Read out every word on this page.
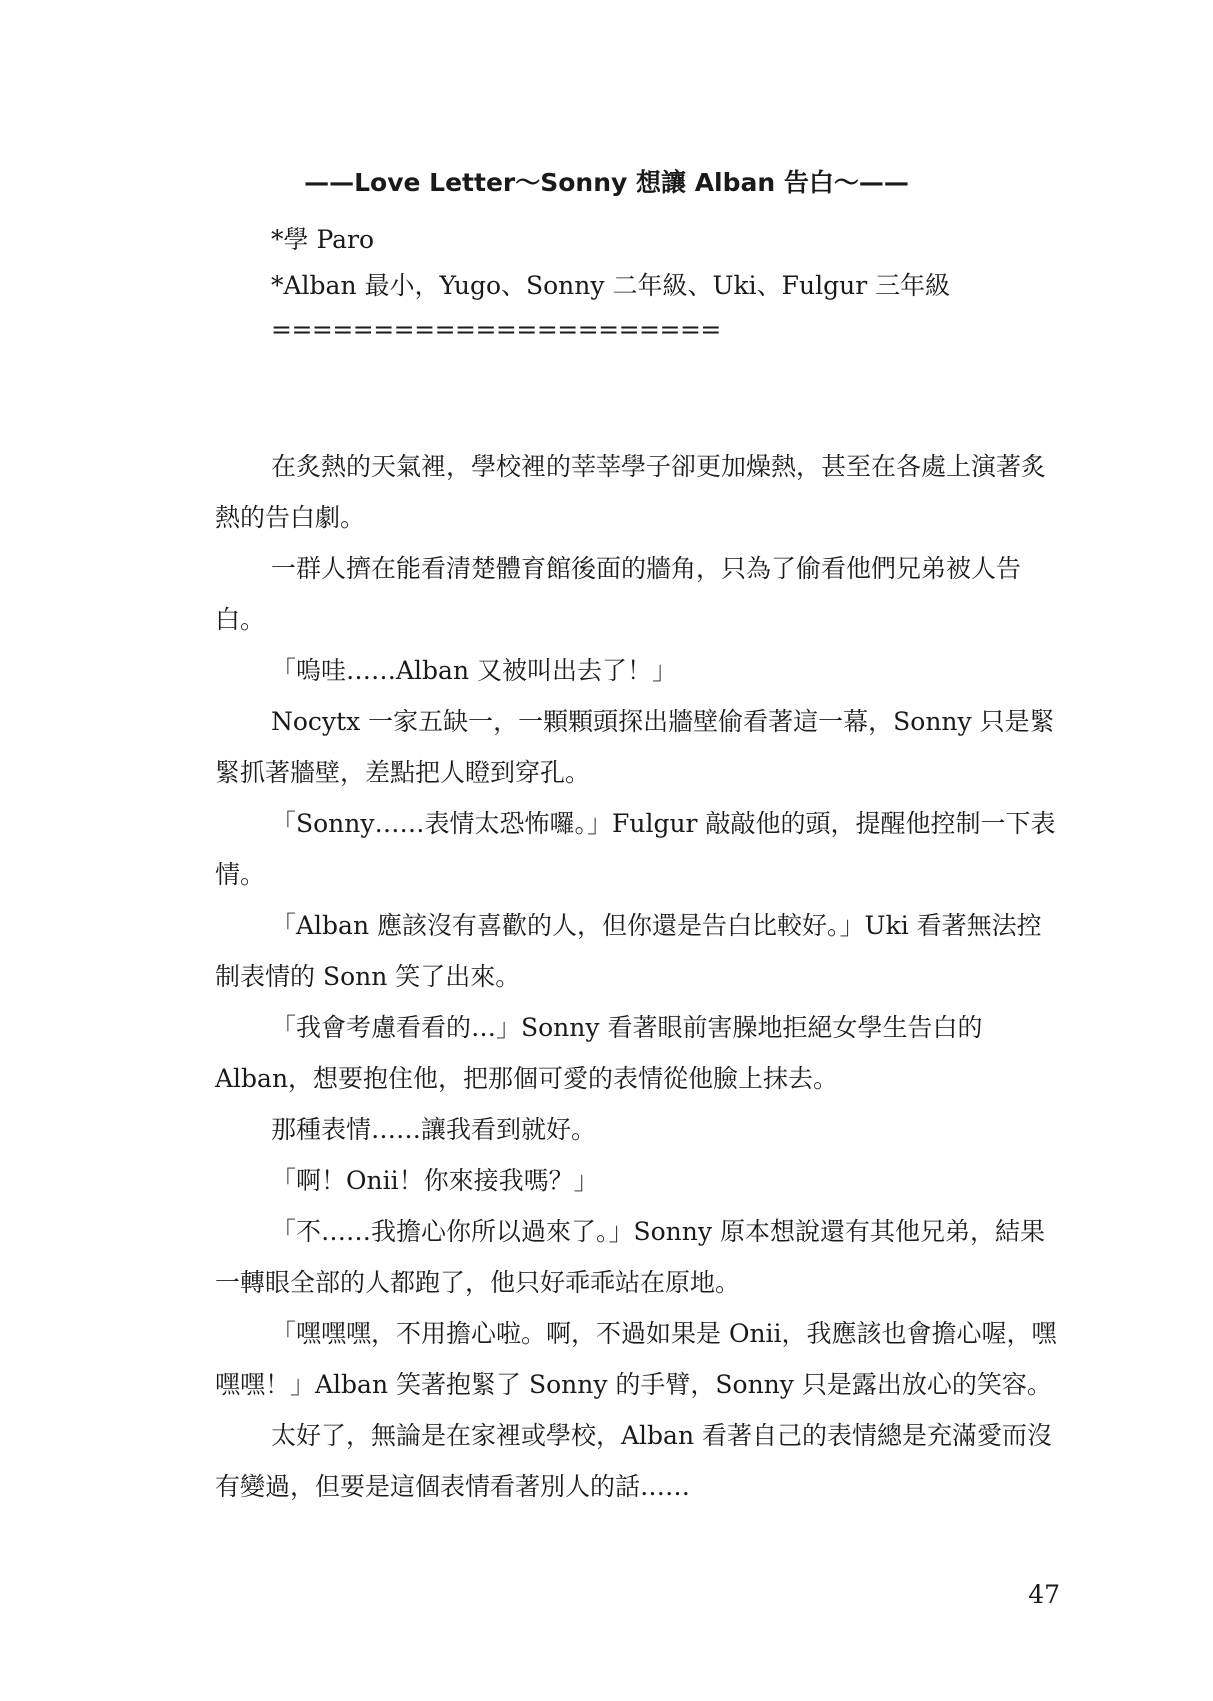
——Love Letter～Sonny 想讓 Alban 告白～——
*學 Paro
*Alban 最小，Yugo、Sonny 二年級、Uki、Fulgur 三年級
======================

在炙熱的天氣裡，學校裡的莘莘學子卻更加燥熱，甚至在各處上演著炙熱的告白劇。

一群人擠在能看清楚體育館後面的牆角，只為了偷看他們兄弟被人告白。

「嗚哇……Alban 又被叫出去了！」

Nocytx 一家五缺一，一顆顆頭探出牆壁偷看著這一幕，Sonny 只是緊緊抓著牆壁，差點把人瞪到穿孔。

「Sonny……表情太恐怖囉。」Fulgur 敲敲他的頭，提醒他控制一下表情。

「Alban 應該沒有喜歡的人，但你還是告白比較好。」Uki 看著無法控制表情的 Sonn 笑了出來。

「我會考慮看看的…」Sonny 看著眼前害臊地拒絕女學生告白的 Alban，想要抱住他，把那個可愛的表情從他臉上抹去。

那種表情……讓我看到就好。

「啊！Onii！你來接我嗎？」

「不……我擔心你所以過來了。」Sonny 原本想說還有其他兄弟，結果一轉眼全部的人都跑了，他只好乖乖站在原地。

「嘿嘿嘿，不用擔心啦。啊，不過如果是 Onii，我應該也會擔心喔，嘿嘿嘿！」Alban 笑著抱緊了 Sonny 的手臂，Sonny 只是露出放心的笑容。

太好了，無論是在家裡或學校，Alban 看著自己的表情總是充滿愛而沒有變過，但要是這個表情看著別人的話……

47
